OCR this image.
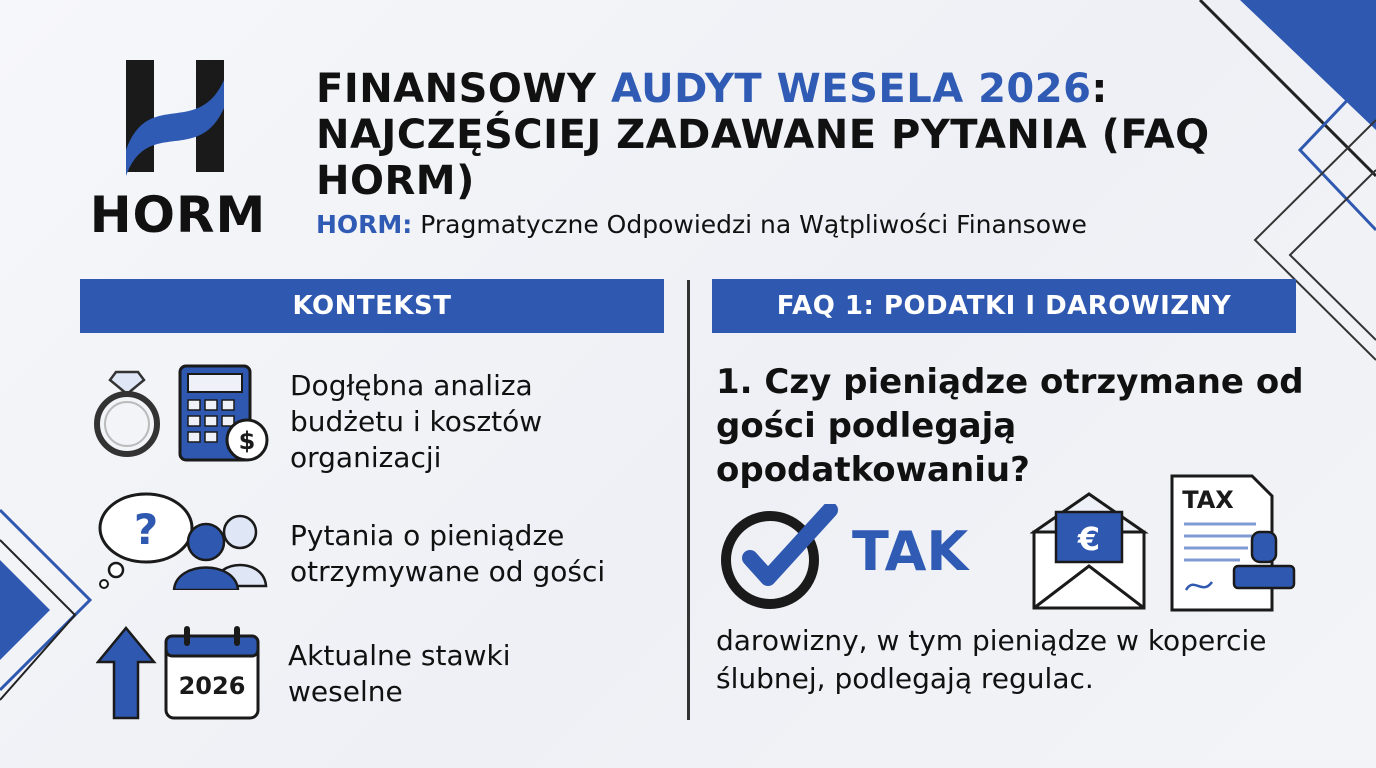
HORM
FINANSOWY AUDYT WESELA 2026: NAJCZĘŚCIEJ ZADAWANE PYTANIA (FAQ HORM)
HORM: Pragmatyczne Odpowiedzi na Wątpliwości Finansowe
KONTEKST	FAQ 1: PODATKI I DAROWIZNY
$
Dogłębna analiza budżetu i kosztów organizacji
?	Pytania o pieniądze otrzymywane od gości
2026
Aktualne stawki weselne
1. Czy pieniądze otrzymane od gości podlegają opodatkowaniu?
TAK	€
TAX
darowizny, w tym pieniądze w kopercie ślubnej, podlegają regulac.
